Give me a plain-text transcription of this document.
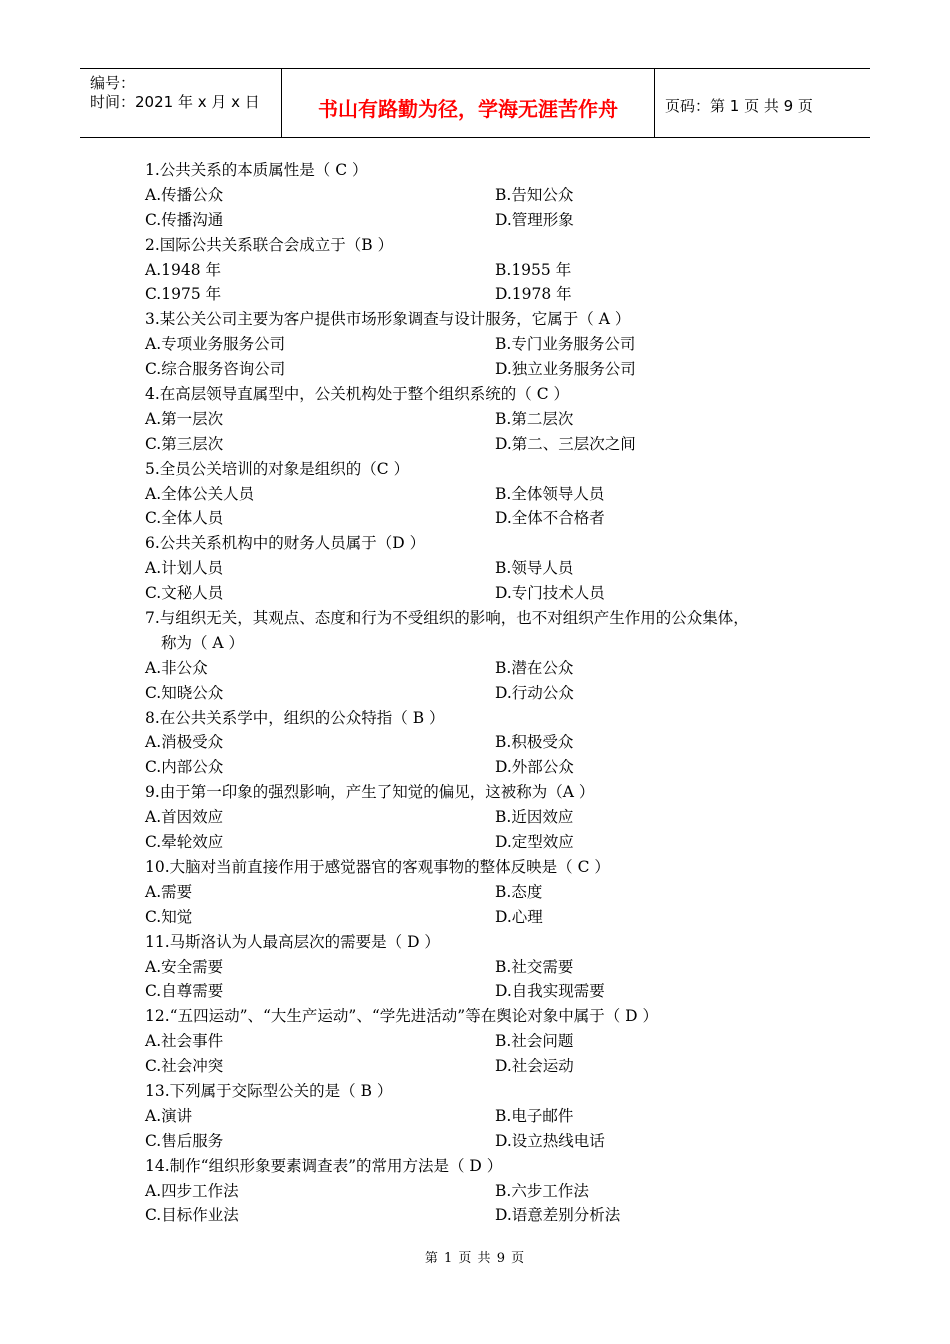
编号：
时间：2021 年 x 月 x 日	书山有路勤为径，学海无涯苦作舟	页码：第 1 页 共 9 页
1.公共关系的本质属性是（ C ）
A.传播公众	B.告知公众
C.传播沟通	D.管理形象
2.国际公共关系联合会成立于（B ）
A.1948 年	B.1955 年
C.1975 年	D.1978 年
3.某公关公司主要为客户提供市场形象调查与设计服务，它属于（ A ）
A.专项业务服务公司	B.专门业务服务公司
C.综合服务咨询公司	D.独立业务服务公司
4.在高层领导直属型中，公关机构处于整个组织系统的（ C ）
A.第一层次	B.第二层次
C.第三层次	D.第二、三层次之间
5.全员公关培训的对象是组织的（C ）
A.全体公关人员	B.全体领导人员
C.全体人员	D.全体不合格者
6.公共关系机构中的财务人员属于（D ）
A.计划人员	B.领导人员
C.文秘人员	D.专门技术人员
7.与组织无关，其观点、态度和行为不受组织的影响，也不对组织产生作用的公众集体，
称为（ A ）
A.非公众	B.潜在公众
C.知晓公众	D.行动公众
8.在公共关系学中，组织的公众特指（ B ）
A.消极受众	B.积极受众
C.内部公众	D.外部公众
9.由于第一印象的强烈影响，产生了知觉的偏见，这被称为（A ）
A.首因效应	B.近因效应
C.晕轮效应	D.定型效应
10.大脑对当前直接作用于感觉器官的客观事物的整体反映是（ C ）
A.需要	B.态度
C.知觉	D.心理
11.马斯洛认为人最高层次的需要是（ D ）
A.安全需要	B.社交需要
C.自尊需要	D.自我实现需要
12.“五四运动”、“大生产运动”、“学先进活动”等在舆论对象中属于（ D ）
A.社会事件	B.社会问题
C.社会冲突	D.社会运动
13.下列属于交际型公关的是（ B ）
A.演讲	B.电子邮件
C.售后服务	D.设立热线电话
14.制作“组织形象要素调查表”的常用方法是（ D ）
A.四步工作法	B.六步工作法
C.目标作业法	D.语意差别分析法
第 1 页 共 9 页
